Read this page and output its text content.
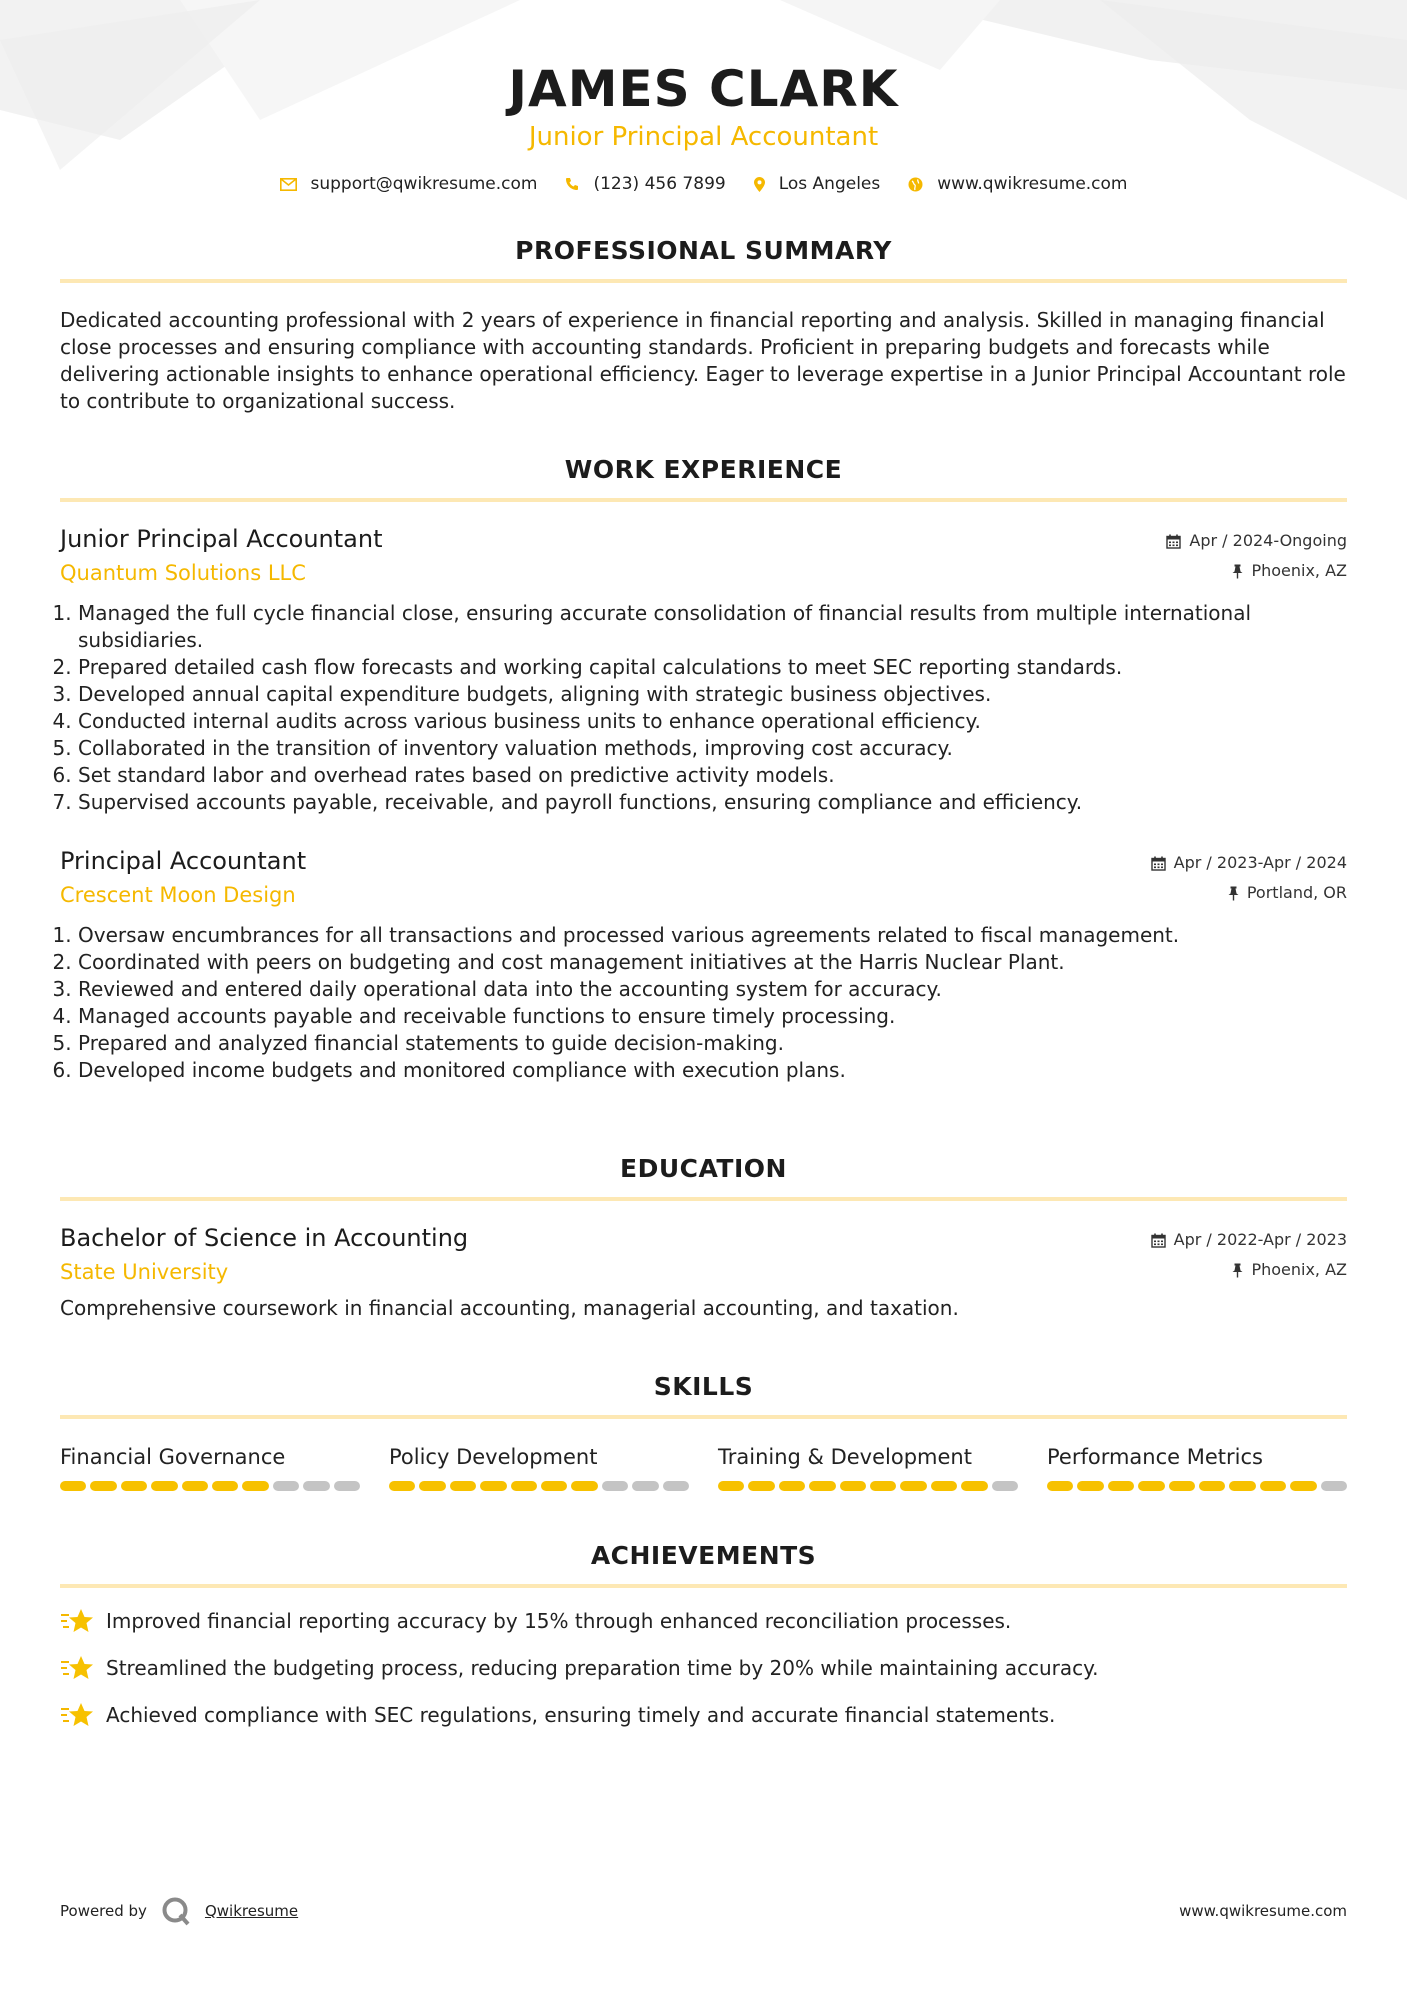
JAMES CLARK
Junior Principal Accountant
support@qwikresume.com	(123) 456 7899	Los Angeles	www.qwikresume.com
PROFESSIONAL SUMMARY
Dedicated accounting professional with 2 years of experience in financial reporting and analysis. Skilled in managing financial close processes and ensuring compliance with accounting standards. Proficient in preparing budgets and forecasts while delivering actionable insights to enhance operational efficiency. Eager to leverage expertise in a Junior Principal Accountant role to contribute to organizational success.
WORK EXPERIENCE
Junior Principal Accountant	Apr / 2024-Ongoing
Quantum Solutions LLC	Phoenix, AZ
1. Managed the full cycle financial close, ensuring accurate consolidation of financial results from multiple international subsidiaries.
2. Prepared detailed cash flow forecasts and working capital calculations to meet SEC reporting standards.
3. Developed annual capital expenditure budgets, aligning with strategic business objectives.
4. Conducted internal audits across various business units to enhance operational efficiency.
5. Collaborated in the transition of inventory valuation methods, improving cost accuracy.
6. Set standard labor and overhead rates based on predictive activity models.
7. Supervised accounts payable, receivable, and payroll functions, ensuring compliance and efficiency.
Principal Accountant	Apr / 2023-Apr / 2024
Crescent Moon Design	Portland, OR
1. Oversaw encumbrances for all transactions and processed various agreements related to fiscal management.
2. Coordinated with peers on budgeting and cost management initiatives at the Harris Nuclear Plant.
3. Reviewed and entered daily operational data into the accounting system for accuracy.
4. Managed accounts payable and receivable functions to ensure timely processing.
5. Prepared and analyzed financial statements to guide decision-making.
6. Developed income budgets and monitored compliance with execution plans.
EDUCATION
Bachelor of Science in Accounting	Apr / 2022-Apr / 2023
State University	Phoenix, AZ
Comprehensive coursework in financial accounting, managerial accounting, and taxation.
SKILLS
Financial Governance	Policy Development	Training & Development	Performance Metrics
ACHIEVEMENTS
Improved financial reporting accuracy by 15% through enhanced reconciliation processes.
Streamlined the budgeting process, reducing preparation time by 20% while maintaining accuracy.
Achieved compliance with SEC regulations, ensuring timely and accurate financial statements.
Powered by	Qwikresume	www.qwikresume.com
